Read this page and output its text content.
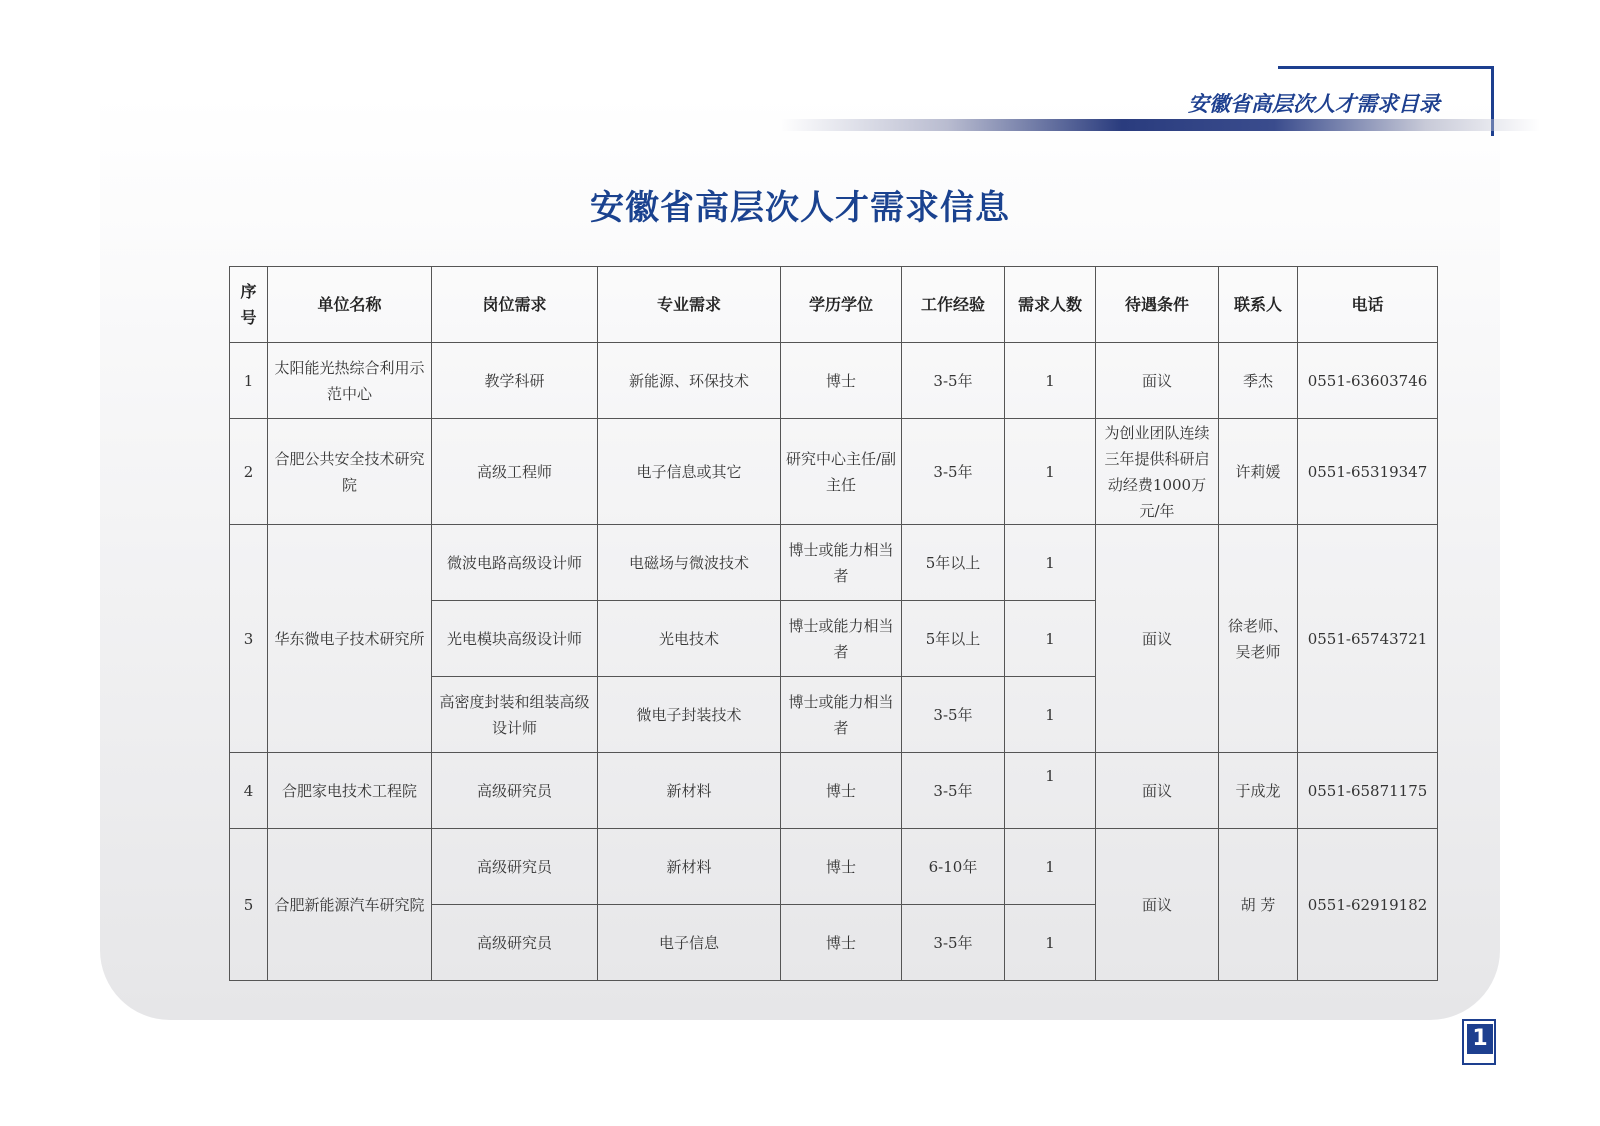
安徽省高层次人才需求目录
安徽省高层次人才需求信息
序号	单位名称	岗位需求	专业需求	学历学位	工作经验	需求人数	待遇条件	联系人	电话
1	太阳能光热综合利用示范中心	教学科研	新能源、环保技术	博士	3-5年	1	面议	季杰	0551-63603746
2	合肥公共安全技术研究院	高级工程师	电子信息或其它	研究中心主任/副主任	3-5年	1	为创业团队连续三年提供科研启动经费1000万元/年	许莉媛	0551-65319347
3	华东微电子技术研究所	微波电路高级设计师	电磁场与微波技术	博士或能力相当者	5年以上	1	面议	徐老师、吴老师	0551-65743721
		光电模块高级设计师	光电技术	博士或能力相当者	5年以上	1			
		高密度封装和组装高级设计师	微电子封装技术	博士或能力相当者	3-5年	1			
4	合肥家电技术工程院	高级研究员	新材料	博士	3-5年	1	面议	于成龙	0551-65871175
5	合肥新能源汽车研究院	高级研究员	新材料	博士	6-10年	1	面议	胡 芳	0551-62919182
		高级研究员	电子信息	博士	3-5年	1			
1
